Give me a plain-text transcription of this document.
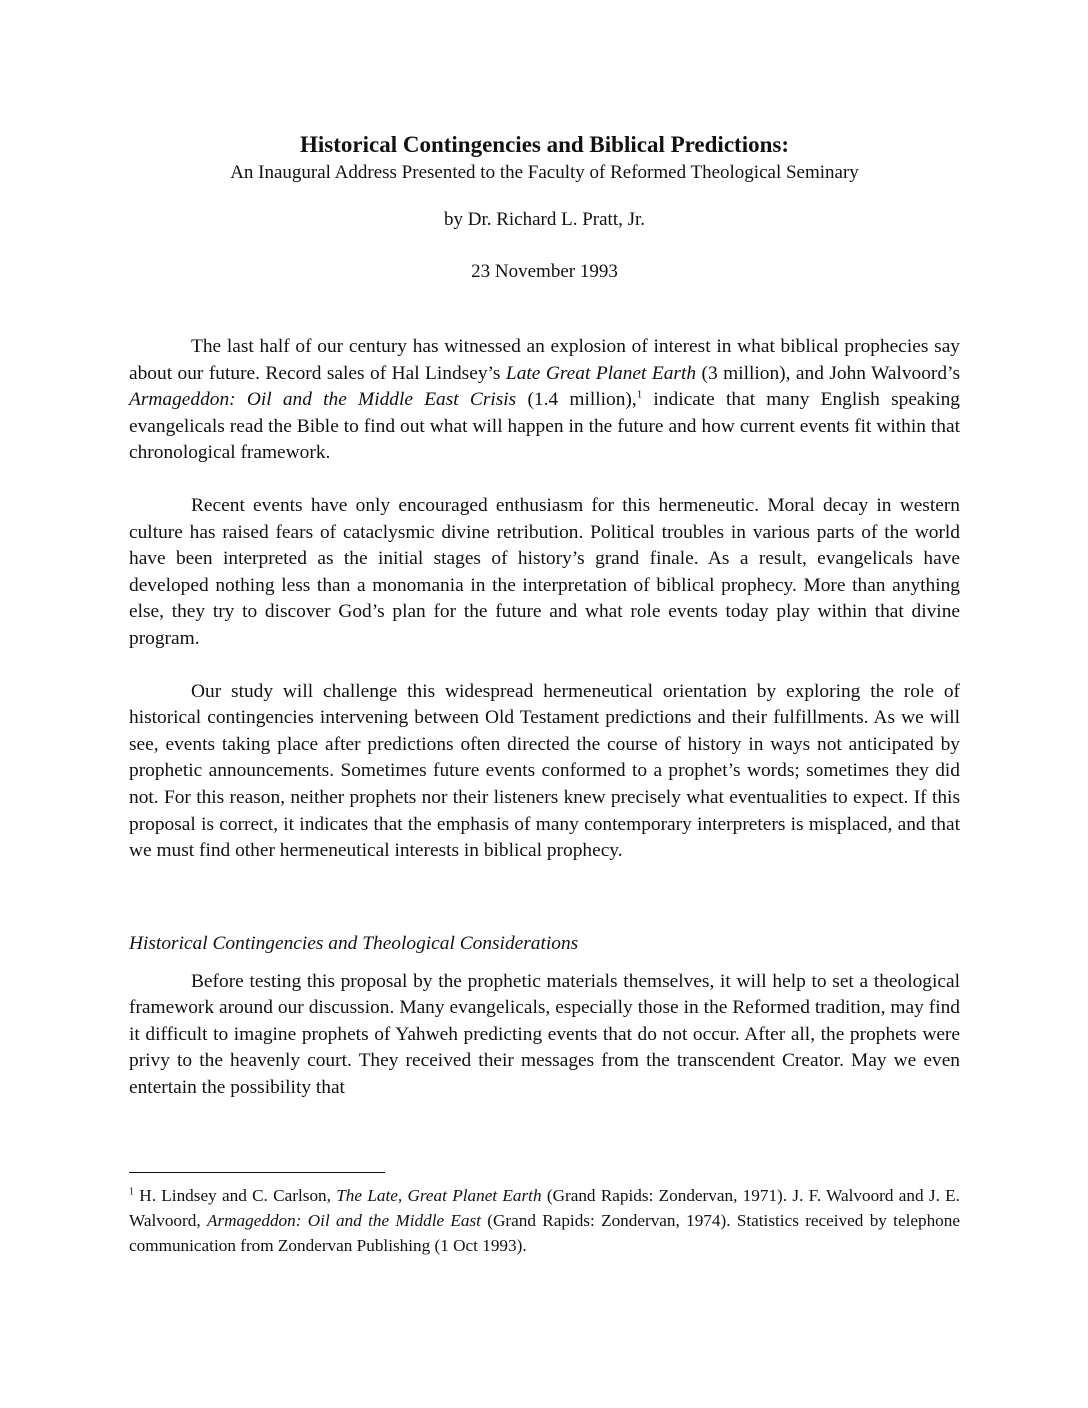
Historical Contingencies and Biblical Predictions:

An Inaugural Address Presented to the Faculty of Reformed Theological Seminary

by Dr. Richard L. Pratt, Jr.

23 November 1993

The last half of our century has witnessed an explosion of interest in what biblical prophecies say about our future. Record sales of Hal Lindsey’s Late Great Planet Earth (3 million), and John Walvoord’s Armageddon: Oil and the Middle East Crisis (1.4 million),$^1$ indicate that many English speaking evangelicals read the Bible to find out what will happen in the future and how current events fit within that chronological framework.

Recent events have only encouraged enthusiasm for this hermeneutic. Moral decay in western culture has raised fears of cataclysmic divine retribution. Political troubles in various parts of the world have been interpreted as the initial stages of history’s grand finale. As a result, evangelicals have developed nothing less than a monomania in the interpretation of biblical prophecy. More than anything else, they try to discover God’s plan for the future and what role events today play within that divine program.

Our study will challenge this widespread hermeneutical orientation by exploring the role of historical contingencies intervening between Old Testament predictions and their fulfillments. As we will see, events taking place after predictions often directed the course of history in ways not anticipated by prophetic announcements. Sometimes future events conformed to a prophet’s words; sometimes they did not. For this reason, neither prophets nor their listeners knew precisely what eventualities to expect. If this proposal is correct, it indicates that the emphasis of many contemporary interpreters is misplaced, and that we must find other hermeneutical interests in biblical prophecy.

Historical Contingencies and Theological Considerations

Before testing this proposal by the prophetic materials themselves, it will help to set a theological framework around our discussion. Many evangelicals, especially those in the Reformed tradition, may find it difficult to imagine prophets of Yahweh predicting events that do not occur. After all, the prophets were privy to the heavenly court. They received their messages from the transcendent Creator. May we even entertain the possibility that

$^1$ H. Lindsey and C. Carlson, The Late, Great Planet Earth (Grand Rapids: Zondervan, 1971). J. F. Walvoord and J. E. Walvoord, Armageddon: Oil and the Middle East (Grand Rapids: Zondervan, 1974). Statistics received by telephone communication from Zondervan Publishing (1 Oct 1993).
